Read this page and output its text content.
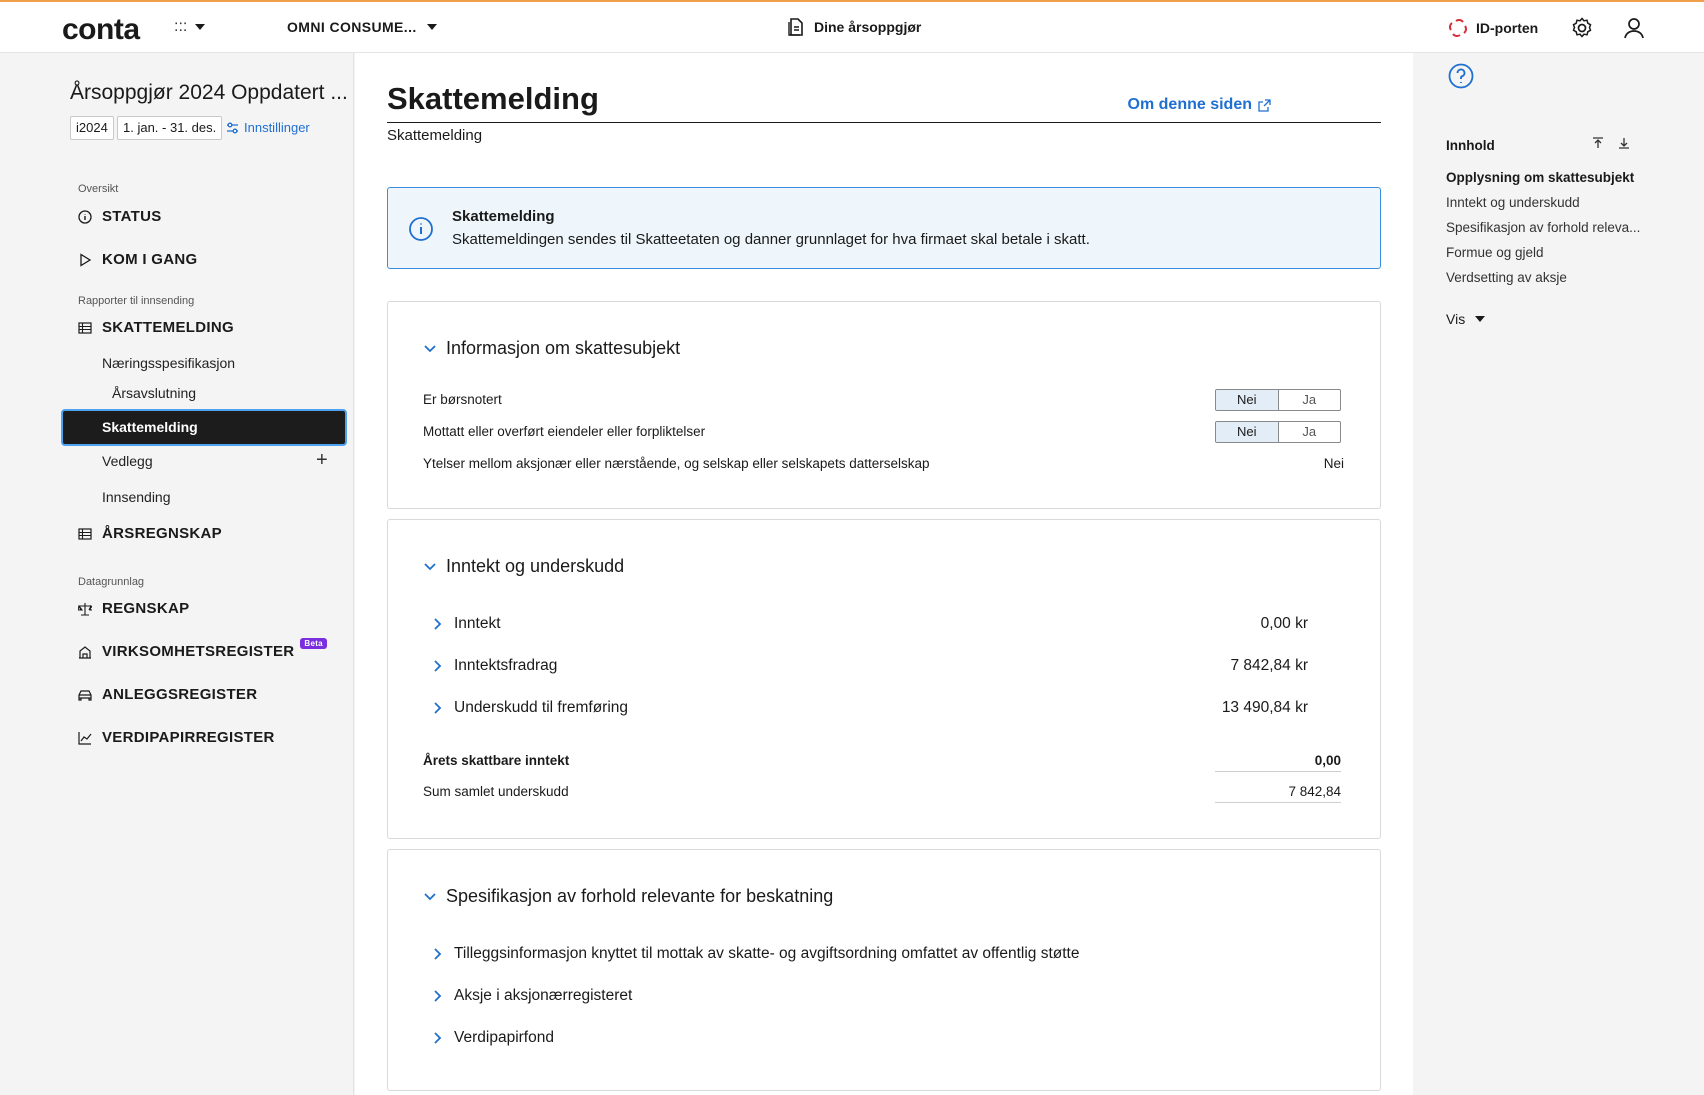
conta :::	OMNI CONSUME...	Dine årsoppgjør	ID-porten
Årsoppgjør 2024 Oppdatert ...
i2024	1. jan. - 31. des.	Innstillinger
Oversikt
STATUS
KOM I GANG
Rapporter til innsending
SKATTEMELDING
Næringsspesifikasjon
Årsavslutning
Skattemelding
Vedlegg	+
Innsending
ÅRSREGNSKAP
Datagrunnlag
REGNSKAP
VIRKSOMHETSREGISTER	Beta
ANLEGGSREGISTER
VERDIPAPIRREGISTER
Skattemelding	Om denne siden
Skattemelding
Skattemelding
Skattemeldingen sendes til Skatteetaten og danner grunnlaget for hva firmaet skal betale i skatt.
Informasjon om skattesubjekt
Er børsnotert	Nei	Ja
Mottatt eller overført eiendeler eller forpliktelser	Nei	Ja
Ytelser mellom aksjonær eller nærstående, og selskap eller selskapets datterselskap	Nei
Inntekt og underskudd
Inntekt	0,00 kr
Inntektsfradrag	7 842,84 kr
Underskudd til fremføring	13 490,84 kr
Årets skattbare inntekt	0,00
Sum samlet underskudd	7 842,84
Spesifikasjon av forhold relevante for beskatning
Tilleggsinformasjon knyttet til mottak av skatte- og avgiftsordning omfattet av offentlig støtte
Aksje i aksjonærregisteret
Verdipapirfond
Innhold
Opplysning om skattesubjekt
Inntekt og underskudd
Spesifikasjon av forhold releva...
Formue og gjeld
Verdsetting av aksje
Vis
